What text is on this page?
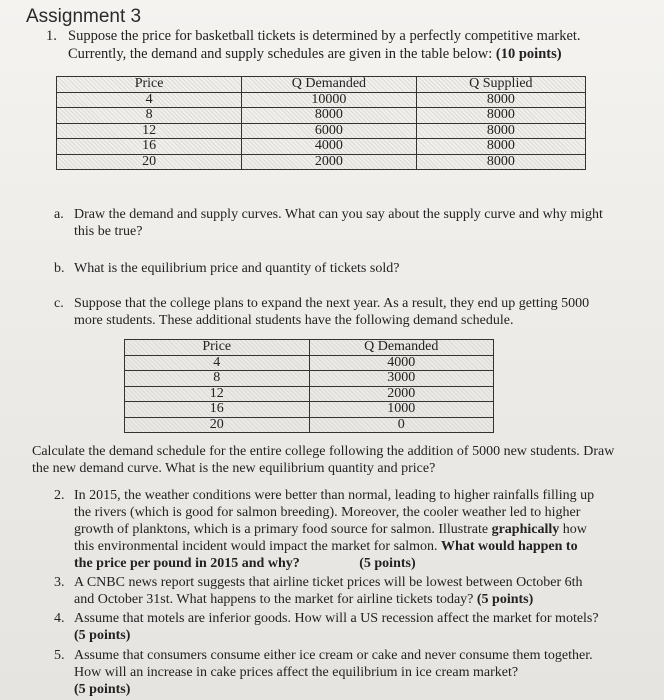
Assignment 3
1. Suppose the price for basketball tickets is determined by a perfectly competitive market. Currently, the demand and supply schedules are given in the table below: (10 points)
Price	Q Demanded	Q Supplied
4	10000	8000
8	8000	8000
12	6000	8000
16	4000	8000
20	2000	8000
a. Draw the demand and supply curves. What can you say about the supply curve and why might this be true?
b. What is the equilibrium price and quantity of tickets sold?
c. Suppose that the college plans to expand the next year. As a result, they end up getting 5000 more students. These additional students have the following demand schedule.
Price	Q Demanded
4	4000
8	3000
12	2000
16	1000
20	0
Calculate the demand schedule for the entire college following the addition of 5000 new students. Draw the new demand curve. What is the new equilibrium quantity and price?
2. In 2015, the weather conditions were better than normal, leading to higher rainfalls filling up the rivers (which is good for salmon breeding). Moreover, the cooler weather led to higher growth of planktons, which is a primary food source for salmon. Illustrate graphically how this environmental incident would impact the market for salmon. What would happen to the price per pound in 2015 and why?	(5 points)
3. A CNBC news report suggests that airline ticket prices will be lowest between October 6th and October 31st. What happens to the market for airline tickets today? (5 points)
4. Assume that motels are inferior goods. How will a US recession affect the market for motels? (5 points)
5. Assume that consumers consume either ice cream or cake and never consume them together. How will an increase in cake prices affect the equilibrium in ice cream market?
(5 points)
